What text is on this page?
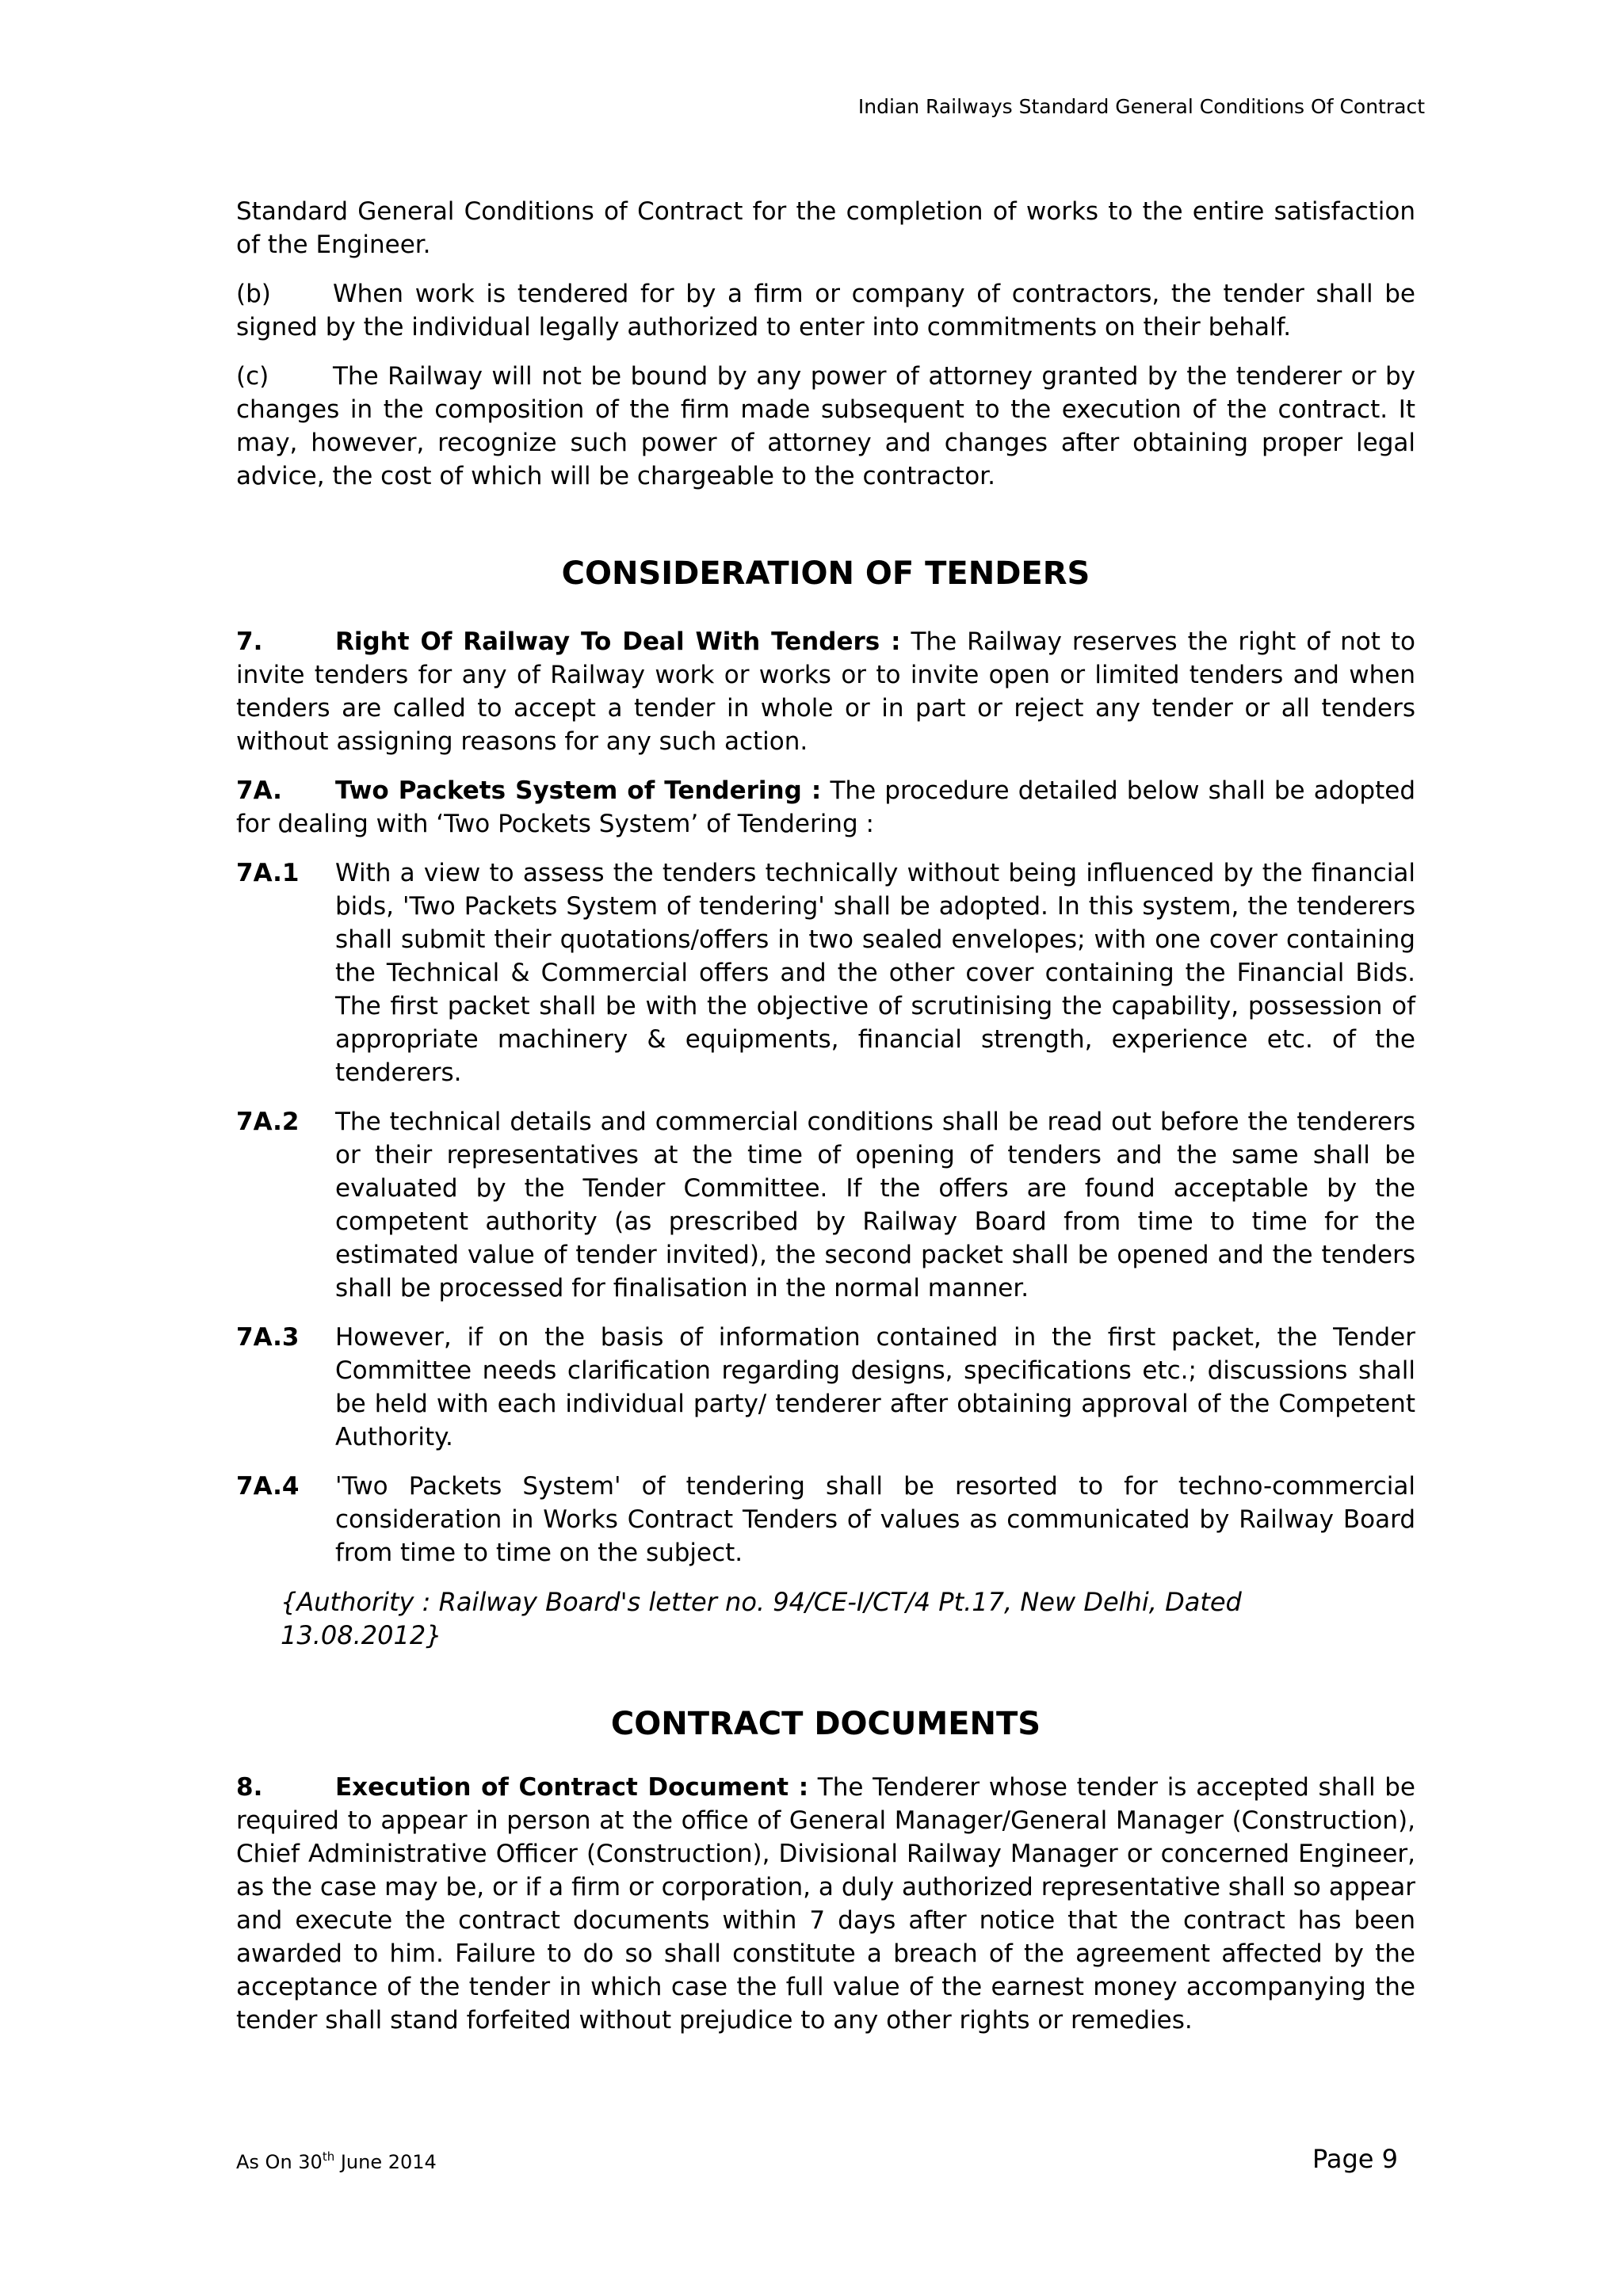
Indian Railways Standard General Conditions Of Contract

Standard General Conditions of Contract for the completion of works to the entire satisfaction of the Engineer.

(b)	When work is tendered for by a firm or company of contractors, the tender shall be signed by the individual legally authorized to enter into commitments on their behalf.

(c)	The Railway will not be bound by any power of attorney granted by the tenderer or by changes in the composition of the firm made subsequent to the execution of the contract. It may, however, recognize such power of attorney and changes after obtaining proper legal advice, the cost of which will be chargeable to the contractor.

CONSIDERATION OF TENDERS

7.	Right Of Railway To Deal With Tenders : The Railway reserves the right of not to invite tenders for any of Railway work or works or to invite open or limited tenders and when tenders are called to accept a tender in whole or in part or reject any tender or all tenders without assigning reasons for any such action.

7A. Two Packets System of Tendering : The procedure detailed below shall be adopted for dealing with ‘Two Pockets System’ of Tendering :

7A.1	With a view to assess the tenders technically without being influenced by the financial bids, 'Two Packets System of tendering' shall be adopted. In this system, the tenderers shall submit their quotations/offers in two sealed envelopes; with one cover containing the Technical & Commercial offers and the other cover containing the Financial Bids. The first packet shall be with the objective of scrutinising the capability, possession of appropriate machinery & equipments, financial strength, experience etc. of the tenderers.
7A.2	The technical details and commercial conditions shall be read out before the tenderers or their representatives at the time of opening of tenders and the same shall be evaluated by the Tender Committee. If the offers are found acceptable by the competent authority (as prescribed by Railway Board from time to time for the estimated value of tender invited), the second packet shall be opened and the tenders shall be processed for finalisation in the normal manner.
7A.3	However, if on the basis of information contained in the first packet, the Tender Committee needs clarification regarding designs, specifications etc.; discussions shall be held with each individual party/ tenderer after obtaining approval of the Competent Authority.
7A.4	'Two Packets System' of tendering shall be resorted to for techno-commercial consideration in Works Contract Tenders of values as communicated by Railway Board from time to time on the subject.

{Authority : Railway Board's letter no. 94/CE-I/CT/4 Pt.17, New Delhi, Dated 13.08.2012}

CONTRACT DOCUMENTS

8.	Execution of Contract Document : The Tenderer whose tender is accepted shall be required to appear in person at the office of General Manager/General Manager (Construction), Chief Administrative Officer (Construction), Divisional Railway Manager or concerned Engineer, as the case may be, or if a firm or corporation, a duly authorized representative shall so appear and execute the contract documents within 7 days after notice that the contract has been awarded to him. Failure to do so shall constitute a breach of the agreement affected by the acceptance of the tender in which case the full value of the earnest money accompanying the tender shall stand forfeited without prejudice to any other rights or remedies.

As On 30th June 2014	Page 9
